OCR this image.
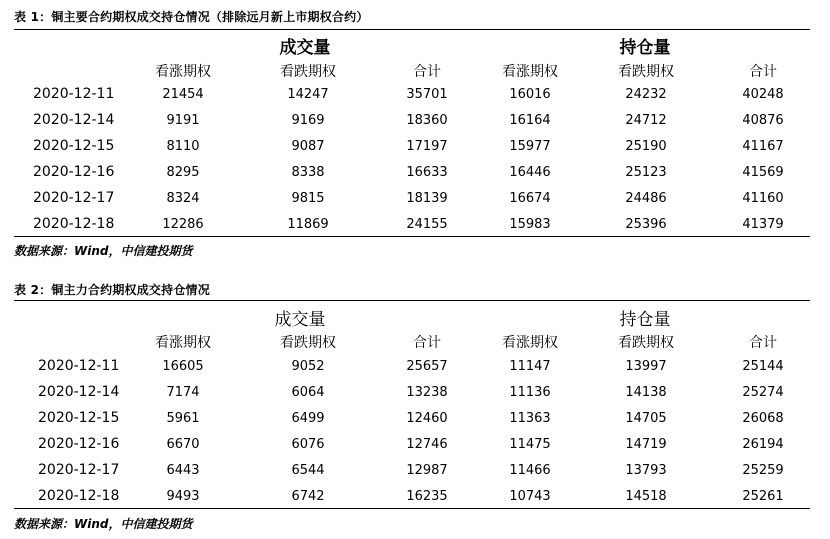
表 1：铜主要合约期权成交持仓情况（排除远月新上市期权合约）
成交量	持仓量
看涨期权	看跌期权	合计	看涨期权	看跌期权	合计
2020-12-11	21454	14247	35701	16016	24232	40248
2020-12-14	9191	9169	18360	16164	24712	40876
2020-12-15	8110	9087	17197	15977	25190	41167
2020-12-16	8295	8338	16633	16446	25123	41569
2020-12-17	8324	9815	18139	16674	24486	41160
2020-12-18	12286	11869	24155	15983	25396	41379
数据来源：Wind，中信建投期货
表 2：铜主力合约期权成交持仓情况
成交量	持仓量
看涨期权	看跌期权	合计	看涨期权	看跌期权	合计
2020-12-11	16605	9052	25657	11147	13997	25144
2020-12-14	7174	6064	13238	11136	14138	25274
2020-12-15	5961	6499	12460	11363	14705	26068
2020-12-16	6670	6076	12746	11475	14719	26194
2020-12-17	6443	6544	12987	11466	13793	25259
2020-12-18	9493	6742	16235	10743	14518	25261
数据来源：Wind，中信建投期货
